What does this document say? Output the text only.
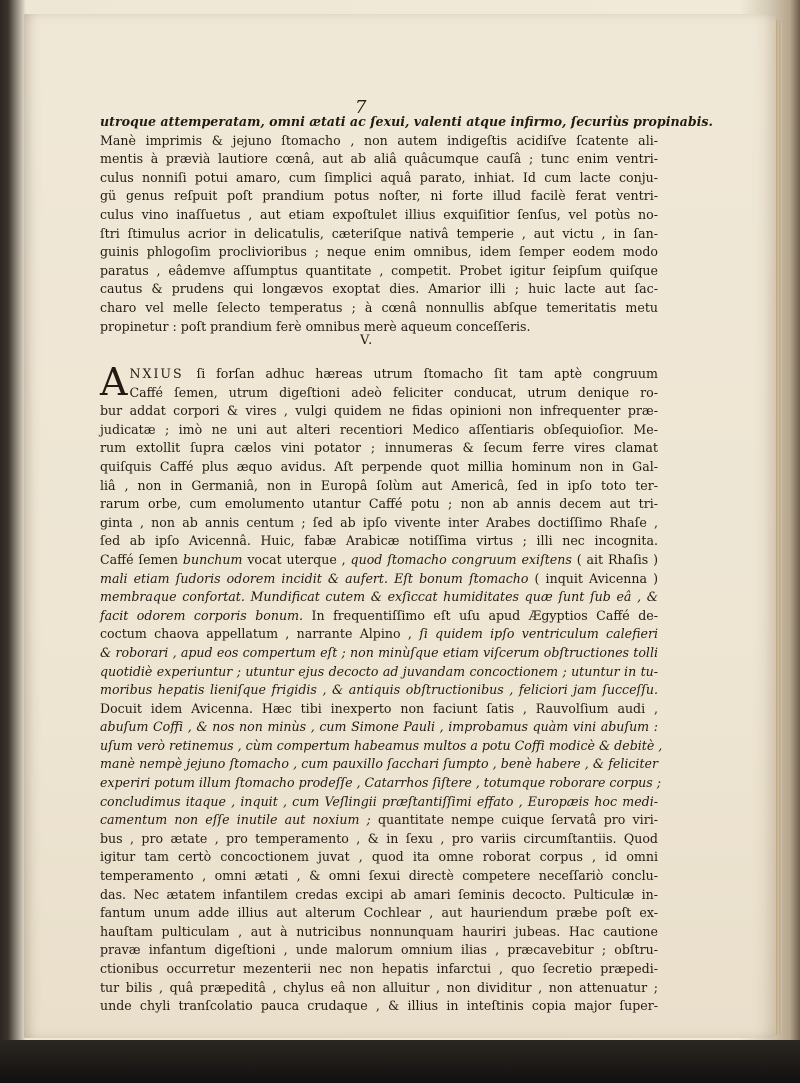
7
utroque attemperatam, omni ætati ac ſexui, valenti atque infirmo, ſecuriùs propinabis.
Manè imprimis & jejuno ſtomacho , non autem indigeſtis acidiſve ſcatente ali-
mentis à prævià lautiore cœnâ, aut ab aliâ quâcumque cauſâ ; tunc enim ventri-
culus nonniſi potui amaro, cum ſimplici aquâ parato, inhiat. Id cum lacte conju-
gü genus reſpuit poſt prandium potus noſter, ni forte illud facilè ferat ventri-
culus vino inaſſuetus , aut etiam expoſtulet illius exquiſitior ſenſus, vel potùs no-
ſtri ſtimulus acrior in delicatulis, cæteriſque nativâ temperie , aut victu , in ſan-
guinis phlogoſim proclivioribus ; neque enim omnibus, idem ſemper eodem modo
paratus , eâdemve aſſumptus quantitate , competit. Probet igitur ſeipſum quiſque
cautus & prudens qui longævos exoptat dies. Amarior illi ; huic lacte aut ſac-
charo vel melle ſelecto temperatus ; à cœnâ nonnullis abſque temeritatis metu
propinetur : poſt prandium ferè omnibus merè aqueum conceſſeris.
V.
A NXIUS ſi forſan adhuc hæreas utrum ſtomacho ſit tam aptè congruum
Caffé ſemen, utrum digeſtioni adeò feliciter conducat, utrum denique ro-
bur addat corpori & vires , vulgi quidem ne fidas opinioni non infrequenter præ-
judicatæ ; imò ne uni aut alteri recentiori Medico aſſentiaris obſequioſior. Me-
rum extollit ſupra cælos vini potator ; innumeras & ſecum ferre vires clamat
quiſquis Caffé plus æquo avidus. Aſt perpende quot millia hominum non in Gal-
liâ , non in Germaniâ, non in Europâ ſolùm aut Americâ, ſed in ipſo toto ter-
rarum orbe, cum emolumento utantur Caffé potu ; non ab annis decem aut tri-
ginta , non ab annis centum ; ſed ab ipſo vivente inter Arabes doctiſſimo Rhaſe ,
ſed ab ipſo Avicennâ. Huic, fabæ Arabicæ notiſſima virtus ; illi nec incognita.
Caffé ſemen bunchum vocat uterque , quod ſtomacho congruum exiſtens ( ait Rhaſis )
mali etiam ſudoris odorem incidit & aufert. Eſt bonum ſtomacho ( inquit Avicenna )
membraque confortat. Mundificat cutem & exſiccat humiditates quæ ſunt ſub eâ , &
facit odorem corporis bonum. In frequentiſſimo eſt uſu apud Ægyptios Caffé de-
coctum chaova appellatum , narrante Alpino , ſi quidem ipſo ventriculum calefieri
& roborari , apud eos compertum eſt ; non minùſque etiam viſcerum obſtructiones tolli
quotidiè experiuntur ; utuntur ejus decocto ad juvandam concoctionem ; utuntur in tu-
moribus hepatis lieniſque frigidis , & antiquis obſtructionibus , feliciori jam ſucceſſu.
Docuit idem Avicenna. Hæc tibi inexperto non faciunt ſatis , Rauvolſium audi ,
abuſum Coffi , & nos non minùs , cum Simone Pauli , improbamus quàm vini abuſum :
uſum verò retinemus , cùm compertum habeamus multos a potu Coffi modicè & debitè ,
manè nempè jejuno ſtomacho , cum pauxillo ſacchari ſumpto , benè habere , & feliciter
experiri potum illum ſtomacho prodeſſe , Catarrhos ſiſtere , totumque roborare corpus ;
concludimus itaque , inquit , cum Veſlingii præſtantiſſimi effato , Europæis hoc medi-
camentum non eſſe inutile aut noxium ; quantitate nempe cuique ſervatâ pro viri-
bus , pro ætate , pro temperamento , & in ſexu , pro variis circumſtantiis. Quod
igitur tam certò concoctionem juvat , quod ita omne roborat corpus , id omni
temperamento , omni ætati , & omni ſexui directè competere neceſſariò conclu-
das. Nec ætatem infantilem credas excipi ab amari ſeminis decocto. Pulticulæ in-
fantum unum adde illius aut alterum Cochlear , aut hauriendum præbe poſt ex-
hauſtam pulticulam , aut à nutricibus nonnunquam hauriri jubeas. Hac cautione
pravæ infantum digeſtioni , unde malorum omnium ilias , præcavebitur ; obſtru-
ctionibus occurretur mezenterii nec non hepatis infarctui , quo ſecretio præpedi-
tur bilis , quâ præpeditâ , chylus eâ non alluitur , non dividitur , non attenuatur ;
unde chyli tranſcolatio pauca crudaque , & illius in inteſtinis copia major ſuper-
